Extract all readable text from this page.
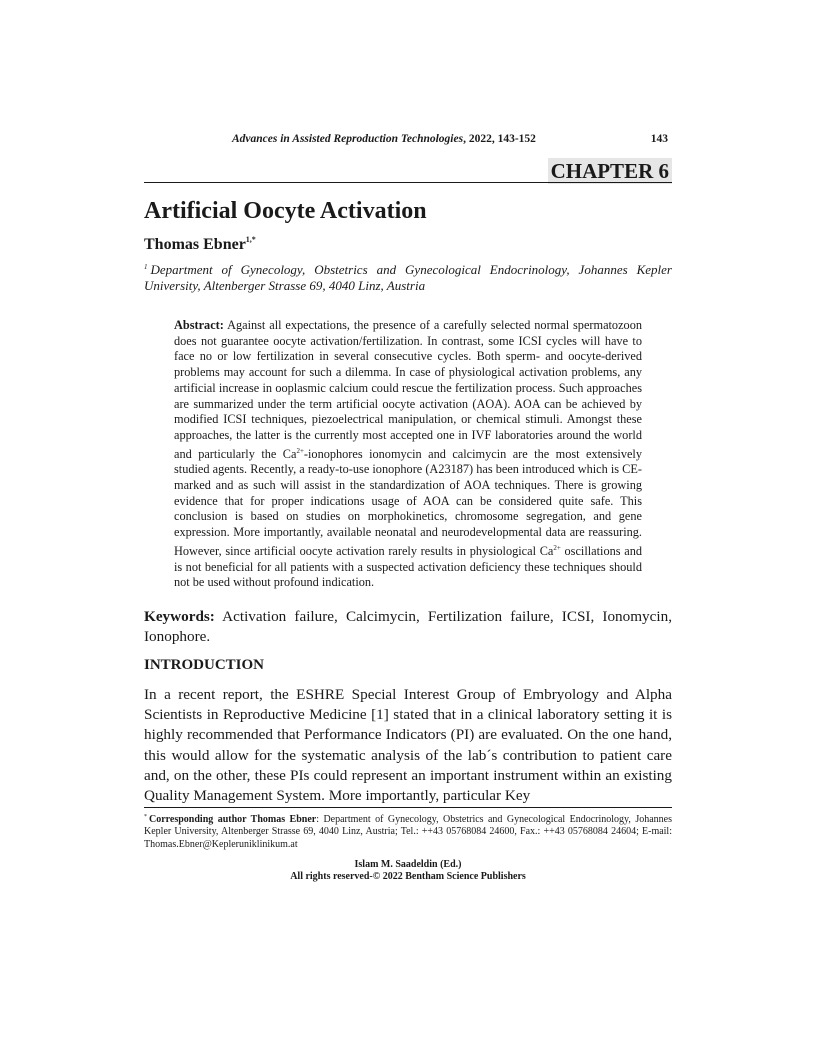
Advances in Assisted Reproduction Technologies, 2022, 143-152	143
CHAPTER 6
Artificial Oocyte Activation
Thomas Ebner$^{1,*}$
$^1$ Department of Gynecology, Obstetrics and Gynecological Endocrinology, Johannes Kepler University, Altenberger Strasse 69, 4040 Linz, Austria
Abstract: Against all expectations, the presence of a carefully selected normal spermatozoon does not guarantee oocyte activation/fertilization. In contrast, some ICSI cycles will have to face no or low fertilization in several consecutive cycles. Both sperm- and oocyte-derived problems may account for such a dilemma. In case of physiological activation problems, any artificial increase in ooplasmic calcium could rescue the fertilization process. Such approaches are summarized under the term artificial oocyte activation (AOA). AOA can be achieved by modified ICSI techniques, piezoelectrical manipulation, or chemical stimuli. Amongst these approaches, the latter is the currently most accepted one in IVF laboratories around the world and particularly the $Ca^{2+}$-ionophores ionomycin and calcimycin are the most extensively studied agents. Recently, a ready-to-use ionophore (A23187) has been introduced which is CE-marked and as such will assist in the standardization of AOA techniques. There is growing evidence that for proper indications usage of AOA can be considered quite safe. This conclusion is based on studies on morphokinetics, chromosome segregation, and gene expression. More importantly, available neonatal and neurodevelopmental data are reassuring. However, since artificial oocyte activation rarely results in physiological $Ca^{2+}$ oscillations and is not beneficial for all patients with a suspected activation deficiency these techniques should not be used without profound indication.
Keywords: Activation failure, Calcimycin, Fertilization failure, ICSI, Ionomycin, Ionophore.
INTRODUCTION

In a recent report, the ESHRE Special Interest Group of Embryology and Alpha Scientists in Reproductive Medicine [1] stated that in a clinical laboratory setting it is highly recommended that Performance Indicators (PI) are evaluated. On the one hand, this would allow for the systematic analysis of the lab´s contribution to patient care and, on the other, these PIs could represent an important instrument within an existing Quality Management System. More importantly, particular Key

* Corresponding author Thomas Ebner: Department of Gynecology, Obstetrics and Gynecological Endocrinology, Johannes Kepler University, Altenberger Strasse 69, 4040 Linz, Austria; Tel.: ++43 05768084 24600, Fax.: ++43 05768084 24604; E-mail: Thomas.Ebner@Kepleruniklinikum.at
Islam M. Saadeldin (Ed.)
All rights reserved-© 2022 Bentham Science Publishers
